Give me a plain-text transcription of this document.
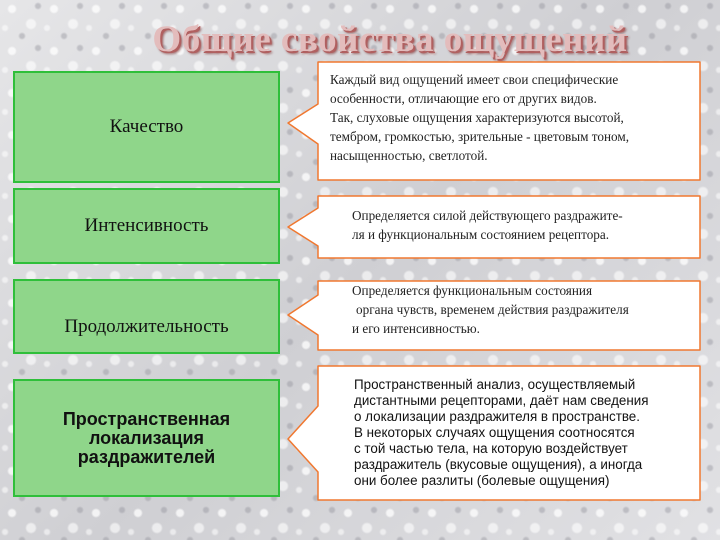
Общие свойства ощущений
Качество
Каждый вид ощущений имеет свои специфические
особенности, отличающие его от других видов.
Так, слуховые ощущения характеризуются высотой,
тембром, громкостью, зрительные - цветовым тоном,
насыщенностью, светлотой.
Интенсивность	Определяется силой действующего раздражите-
ля и функциональным состоянием рецептора.
Продолжительность
Определяется функциональным состояния
органа чувств, временем действия раздражителя
и его интенсивностью.
Пространственная
локализация
раздражителей
Пространственный анализ, осуществляемый
дистантными рецепторами, даёт нам сведения
о локализации раздражителя в пространстве.
В некоторых случаях ощущения соотносятся
с той частью тела, на которую воздействует
раздражитель (вкусовые ощущения), а иногда
они более разлиты (болевые ощущения)
